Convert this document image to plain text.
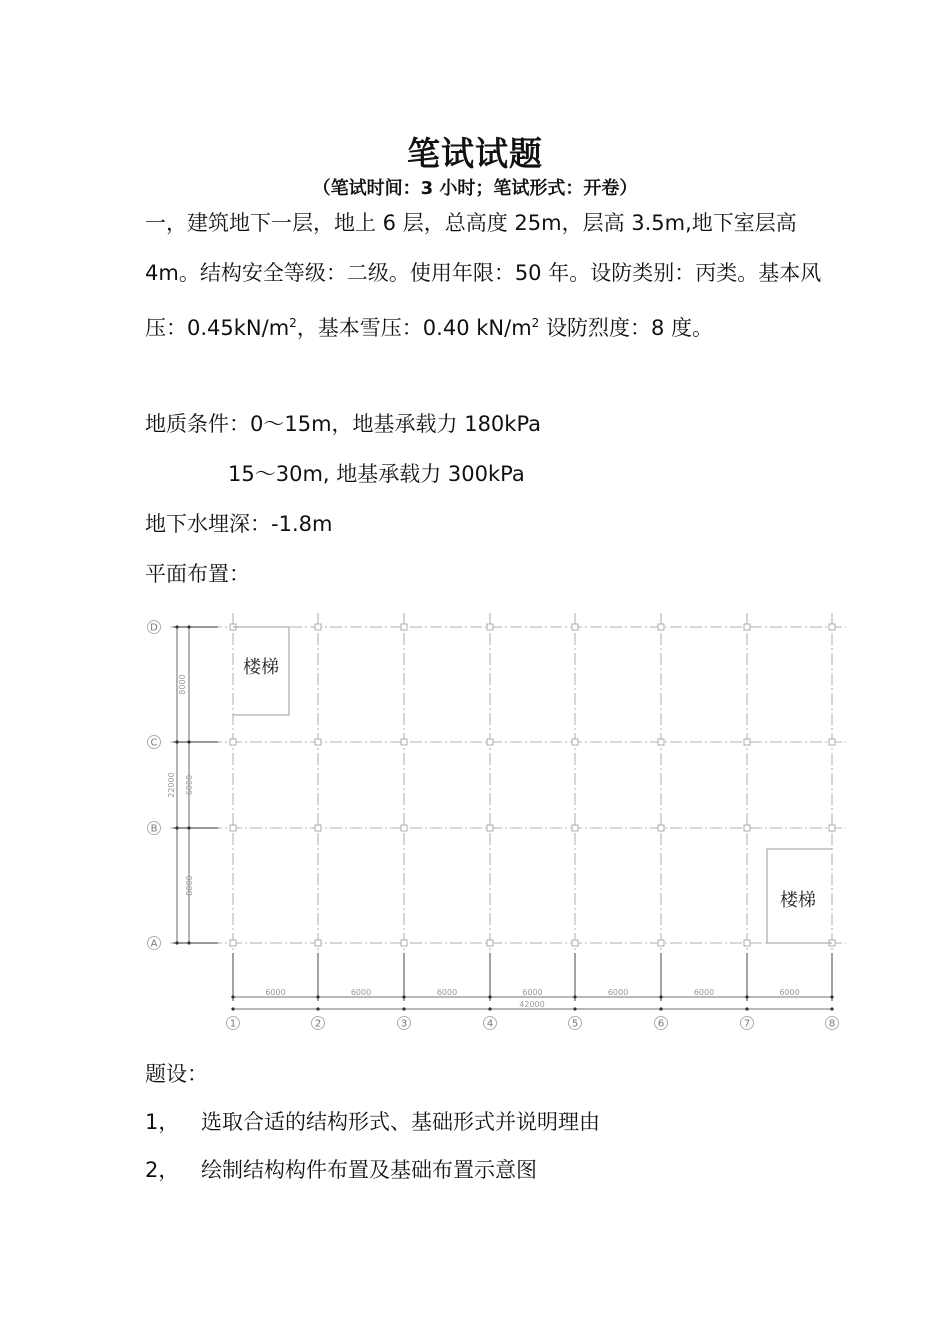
笔试试题
（笔试时间：3 小时；笔试形式：开卷）
一，建筑地下一层，地上 6 层，总高度 25m，层高 3.5m,地下室层高 4m。结构安全等级：二级。使用年限：50 年。设防类别：丙类。基本风压：$0.45kN/m^2$，基本雪压：0.40 $kN/m^2$ 设防烈度：8 度。
地质条件：0～15m，地基承载力 180kPa
15～30m, 地基承载力 300kPa
地下水埋深：-1.8m
平面布置：
楼梯
楼梯
D
C
B
A
8000
6000
8000
22000
1	2	3	4	5	6	7	8
6000	6000	6000	6000	6000	6000	6000
42000
题设：
1， 选取合适的结构形式、基础形式并说明理由
2， 绘制结构构件布置及基础布置示意图
